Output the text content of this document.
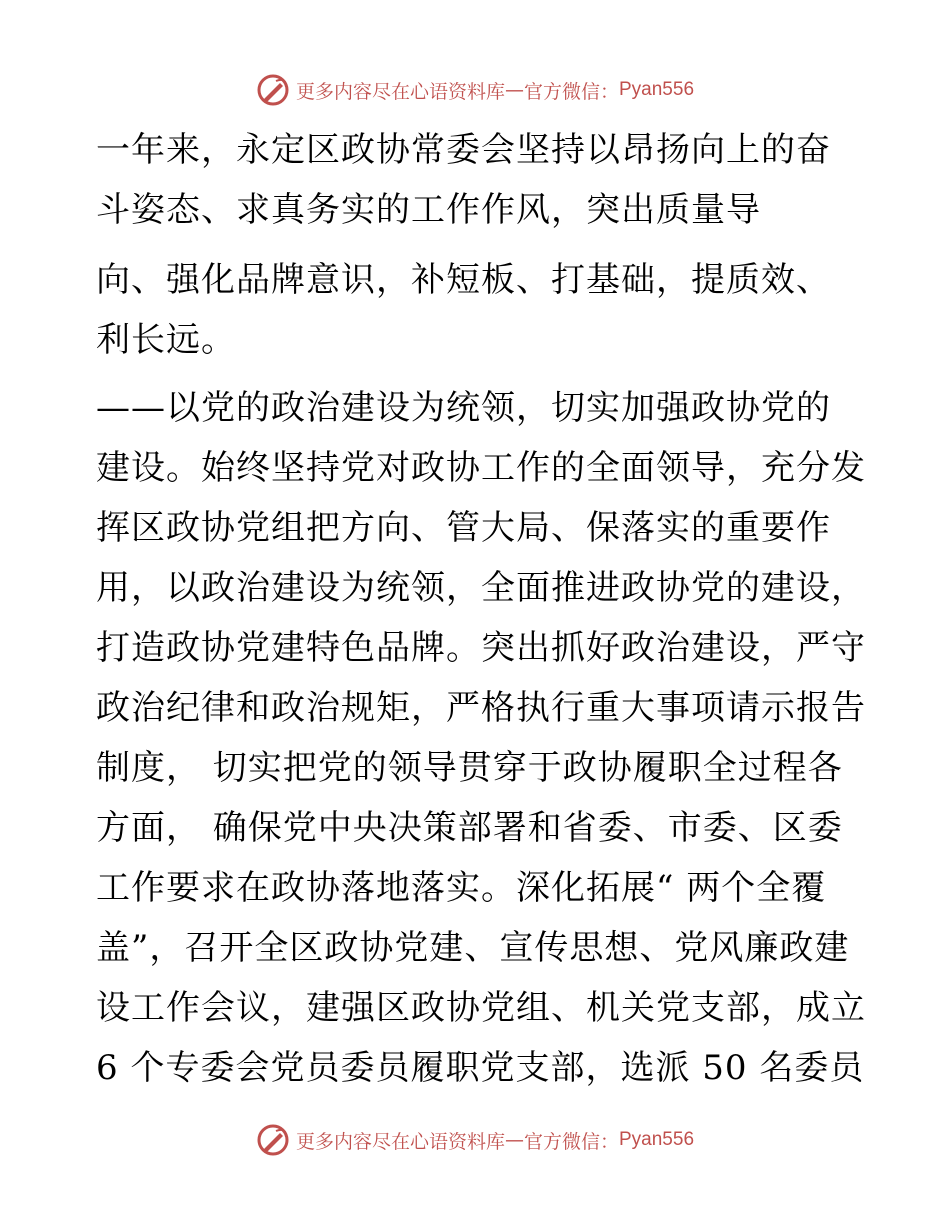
更多内容尽在心语资料库 — 官方微信： Pyan556
一年来，永定区政协常委会坚持以昂扬向上的奋
斗姿态、求真务实的工作作风，突出质量导
向、强化品牌意识，补短板、打基础，提质效、
利长远。
——以党的政治建设为统领，切实加强政协党的
建设。始终坚持党对政协工作的全面领导，充分发
挥区政协党组把方向、管大局、保落实的重要作
用，以政治建设为统领，全面推进政协党的建设，
打造政协党建特色品牌。突出抓好政治建设，严守
政治纪律和政治规矩，严格执行重大事项请示报告
制度， 切实把党的领导贯穿于政协履职全过程各
方面， 确保党中央决策部署和省委、市委、区委
工作要求在政协落地落实。深化拓展“ 两个全覆
盖”，召开全区政协党建、宣传思想、党风廉政建
设工作会议，建强区政协党组、机关党支部，成立
6 个专委会党员委员履职党支部，选派 50 名委员
更多内容尽在心语资料库 — 官方微信： Pyan556
